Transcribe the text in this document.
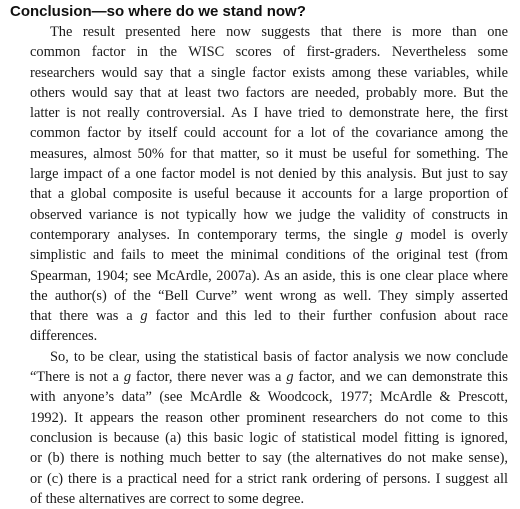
Conclusion—so where do we stand now?
The result presented here now suggests that there is more than one
common factor in the WISC scores of first-graders. Nevertheless some
researchers would say that a single factor exists among these variables, while
others would say that at least two factors are needed, probably more. But the
latter is not really controversial. As I have tried to demonstrate here, the first
common factor by itself could account for a lot of the covariance among the
measures, almost 50% for that matter, so it must be useful for something. The
large impact of a one factor model is not denied by this analysis. But just to say
that a global composite is useful because it accounts for a large proportion of
observed variance is not typically how we judge the validity of constructs in
contemporary analyses. In contemporary terms, the single g model is overly
simplistic and fails to meet the minimal conditions of the original test (from
Spearman, 1904; see McArdle, 2007a). As an aside, this is one clear place where
the author(s) of the “Bell Curve” went wrong as well. They simply asserted
that there was a g factor and this led to their further confusion about race
differences.
So, to be clear, using the statistical basis of factor analysis we now conclude
“There is not a g factor, there never was a g factor, and we can demonstrate this
with anyone’s data” (see McArdle & Woodcock, 1977; McArdle & Prescott,
1992). It appears the reason other prominent researchers do not come to this
conclusion is because (a) this basic logic of statistical model fitting is ignored,
or (b) there is nothing much better to say (the alternatives do not make sense),
or (c) there is a practical need for a strict rank ordering of persons. I suggest all
of these alternatives are correct to some degree.
